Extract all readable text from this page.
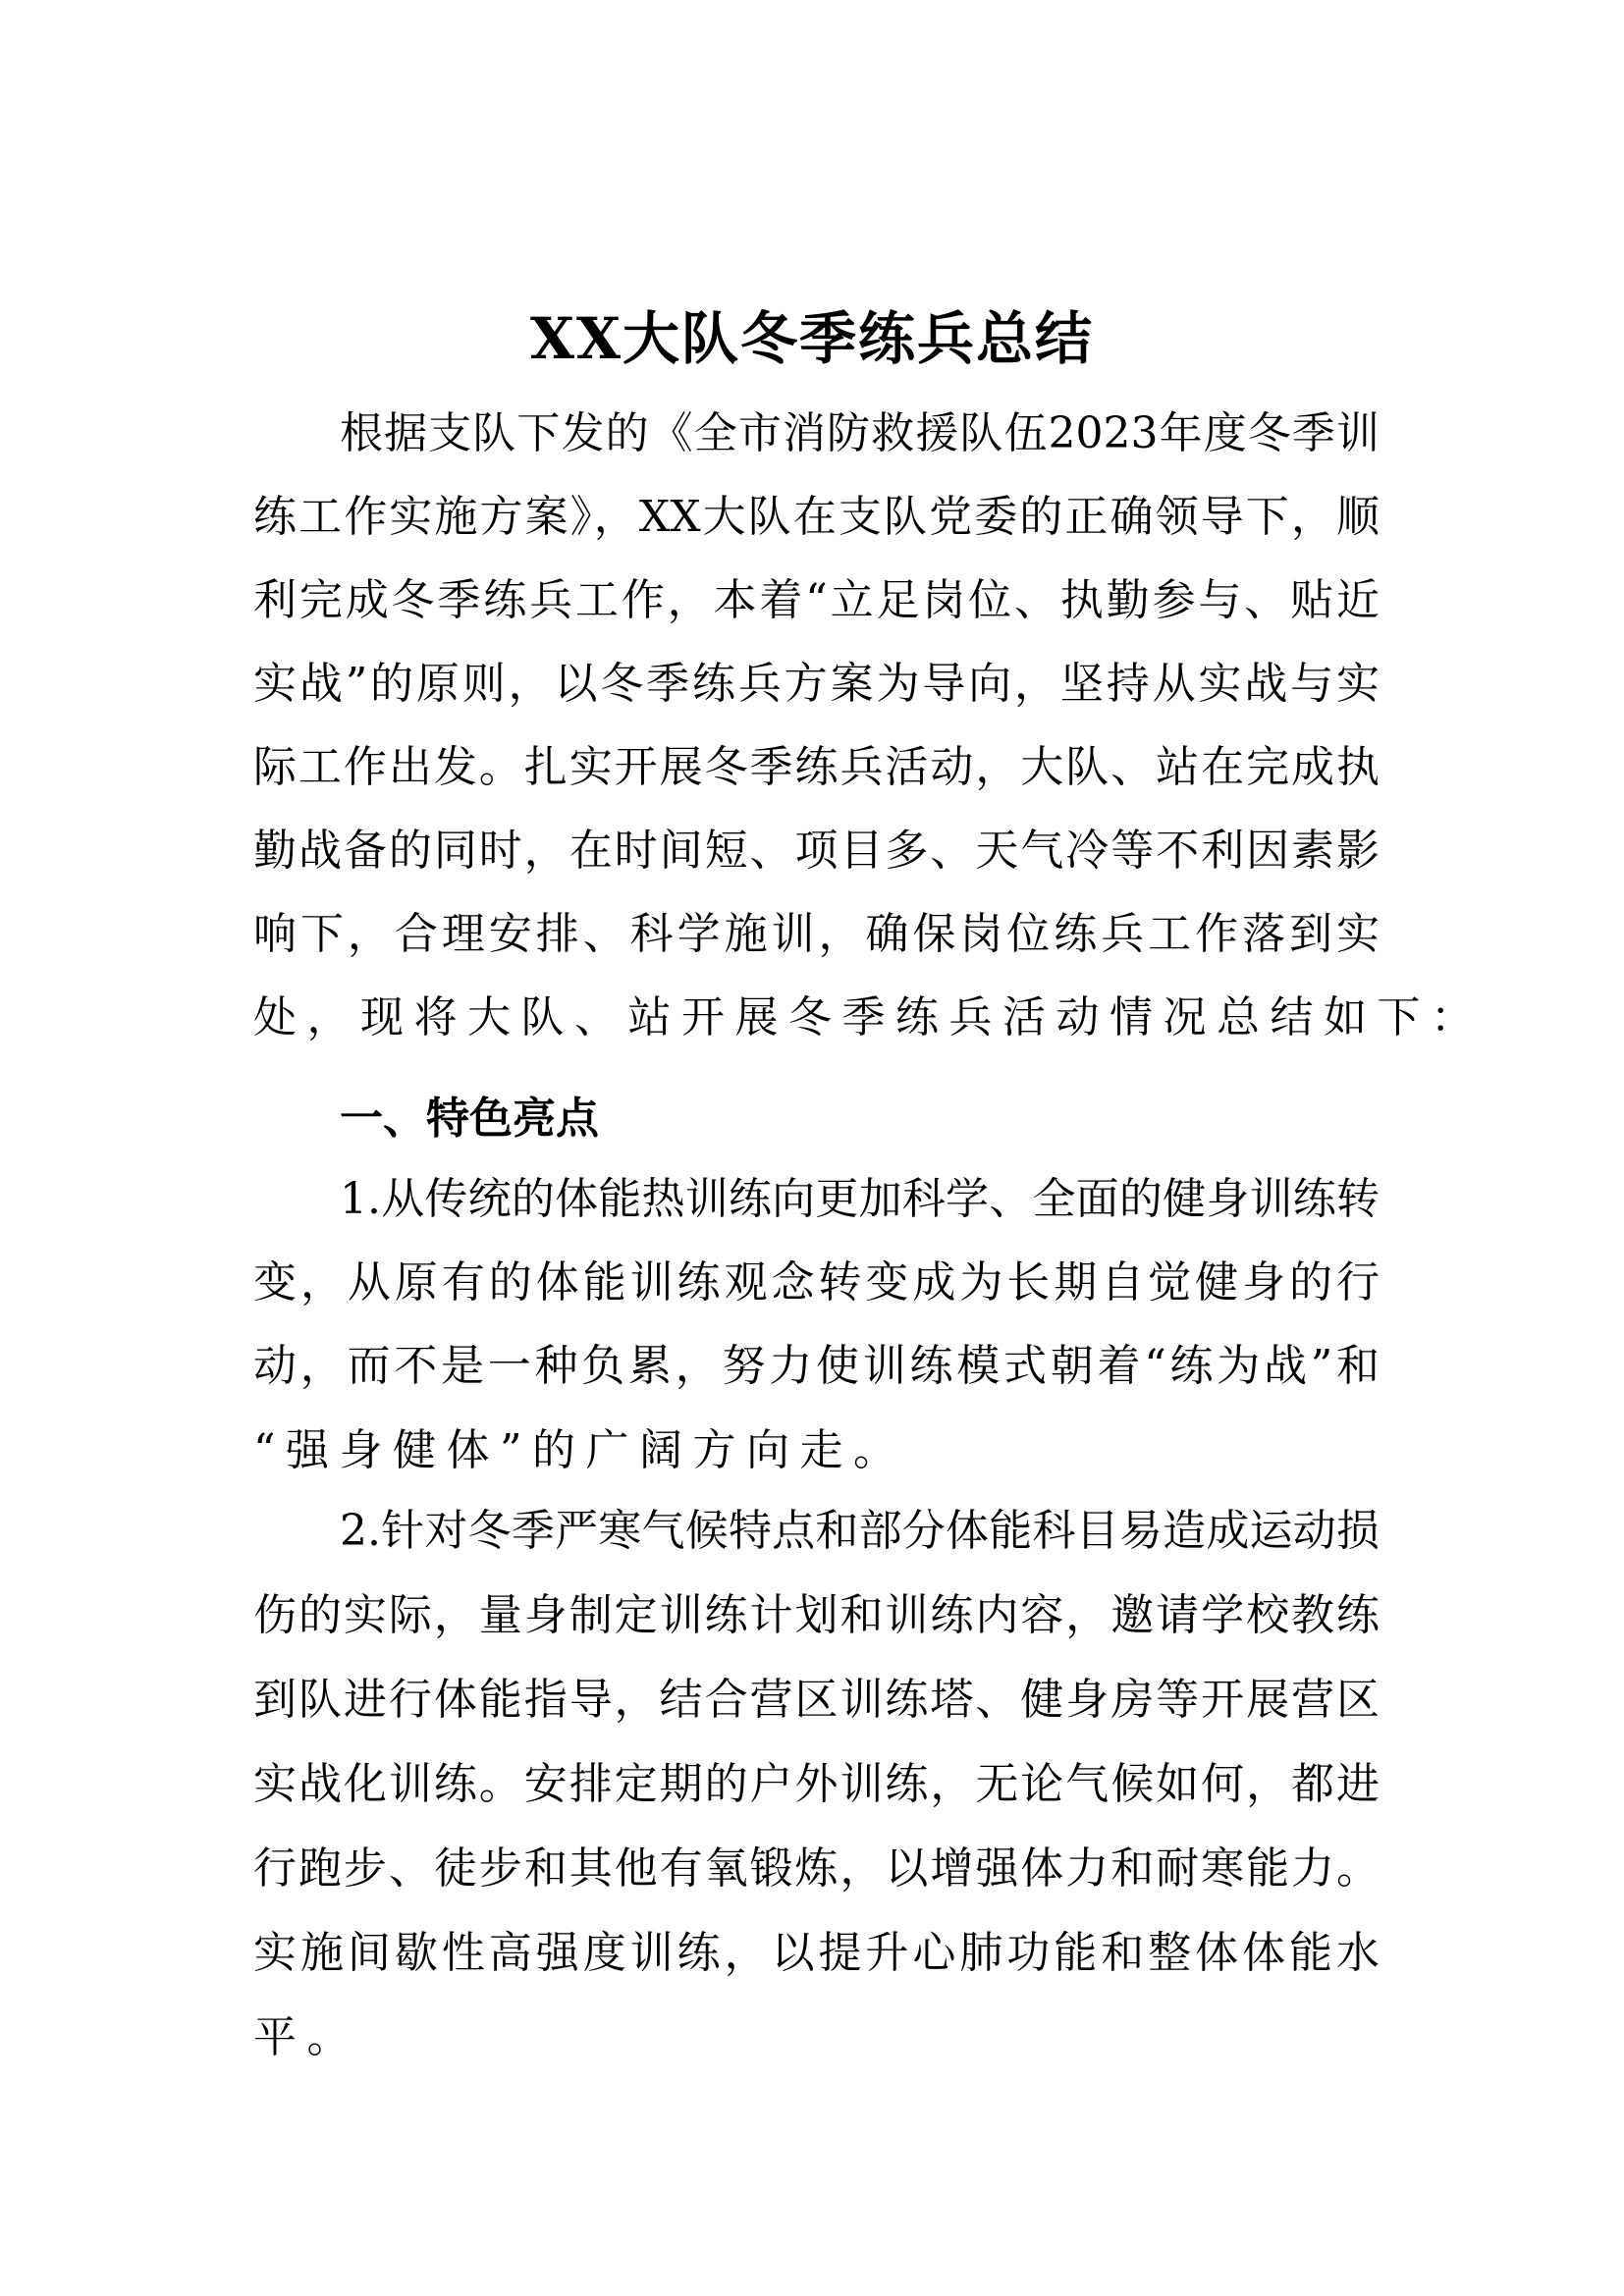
XX大队冬季练兵总结
根据支队下发的《全市消防救援队伍2023年度冬季训
练工作实施方案》，XX大队在支队党委的正确领导下，顺
利完成冬季练兵工作，本着“立足岗位、执勤参与、贴近
实战”的原则，以冬季练兵方案为导向，坚持从实战与实
际工作出发。扎实开展冬季练兵活动，大队、站在完成执
勤战备的同时，在时间短、项目多、天气冷等不利因素影
响下，合理安排、科学施训，确保岗位练兵工作落到实
处，现将大队、站开展冬季练兵活动情况总结如下：
一、特色亮点
1.从传统的体能热训练向更加科学、全面的健身训练转
变，从原有的体能训练观念转变成为长期自觉健身的行
动，而不是一种负累，努力使训练模式朝着“练为战”和
“强身健体”的广阔方向走。
2.针对冬季严寒气候特点和部分体能科目易造成运动损
伤的实际，量身制定训练计划和训练内容，邀请学校教练
到队进行体能指导，结合营区训练塔、健身房等开展营区
实战化训练。安排定期的户外训练，无论气候如何，都进
行跑步、徒步和其他有氧锻炼，以增强体力和耐寒能力。
实施间歇性高强度训练，以提升心肺功能和整体体能水
平。
